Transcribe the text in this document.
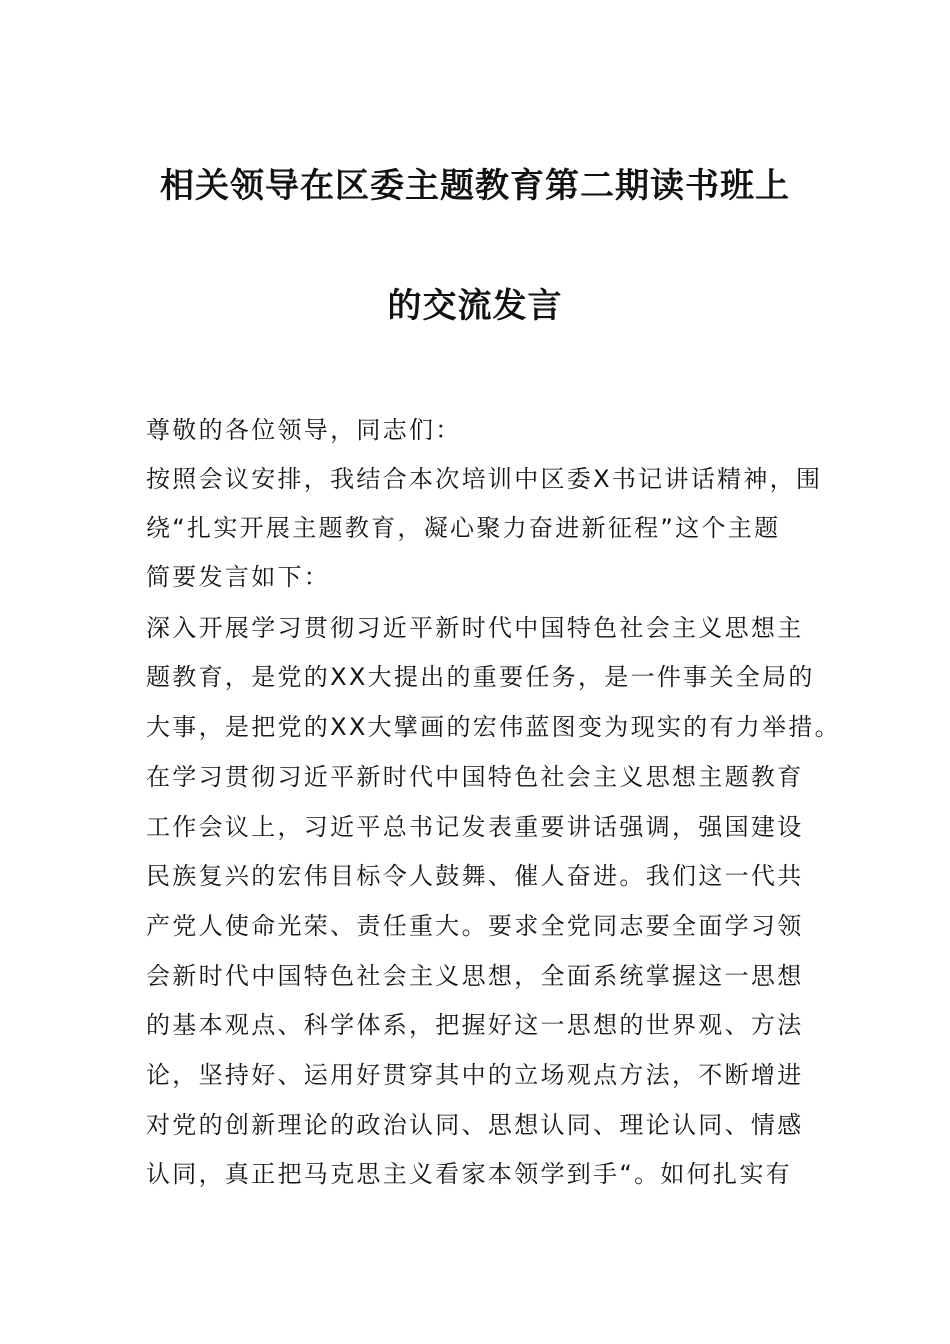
相关领导在区委主题教育第二期读书班上
的交流发言
尊敬的各位领导，同志们：
按照会议安排，我结合本次培训中区委X书记讲话精神，围
绕“扎实开展主题教育，凝心聚力奋进新征程”这个主题
简要发言如下：
深入开展学习贯彻习近平新时代中国特色社会主义思想主
题教育，是党的XX大提出的重要任务，是一件事关全局的
大事，是把党的XX大擘画的宏伟蓝图变为现实的有力举措。
在学习贯彻习近平新时代中国特色社会主义思想主题教育
工作会议上，习近平总书记发表重要讲话强调，强国建设
民族复兴的宏伟目标令人鼓舞、催人奋进。我们这一代共
产党人使命光荣、责任重大。要求全党同志要全面学习领
会新时代中国特色社会主义思想，全面系统掌握这一思想
的基本观点、科学体系，把握好这一思想的世界观、方法
论，坚持好、运用好贯穿其中的立场观点方法，不断增进
对党的创新理论的政治认同、思想认同、理论认同、情感
认同，真正把马克思主义看家本领学到手“。如何扎实有
